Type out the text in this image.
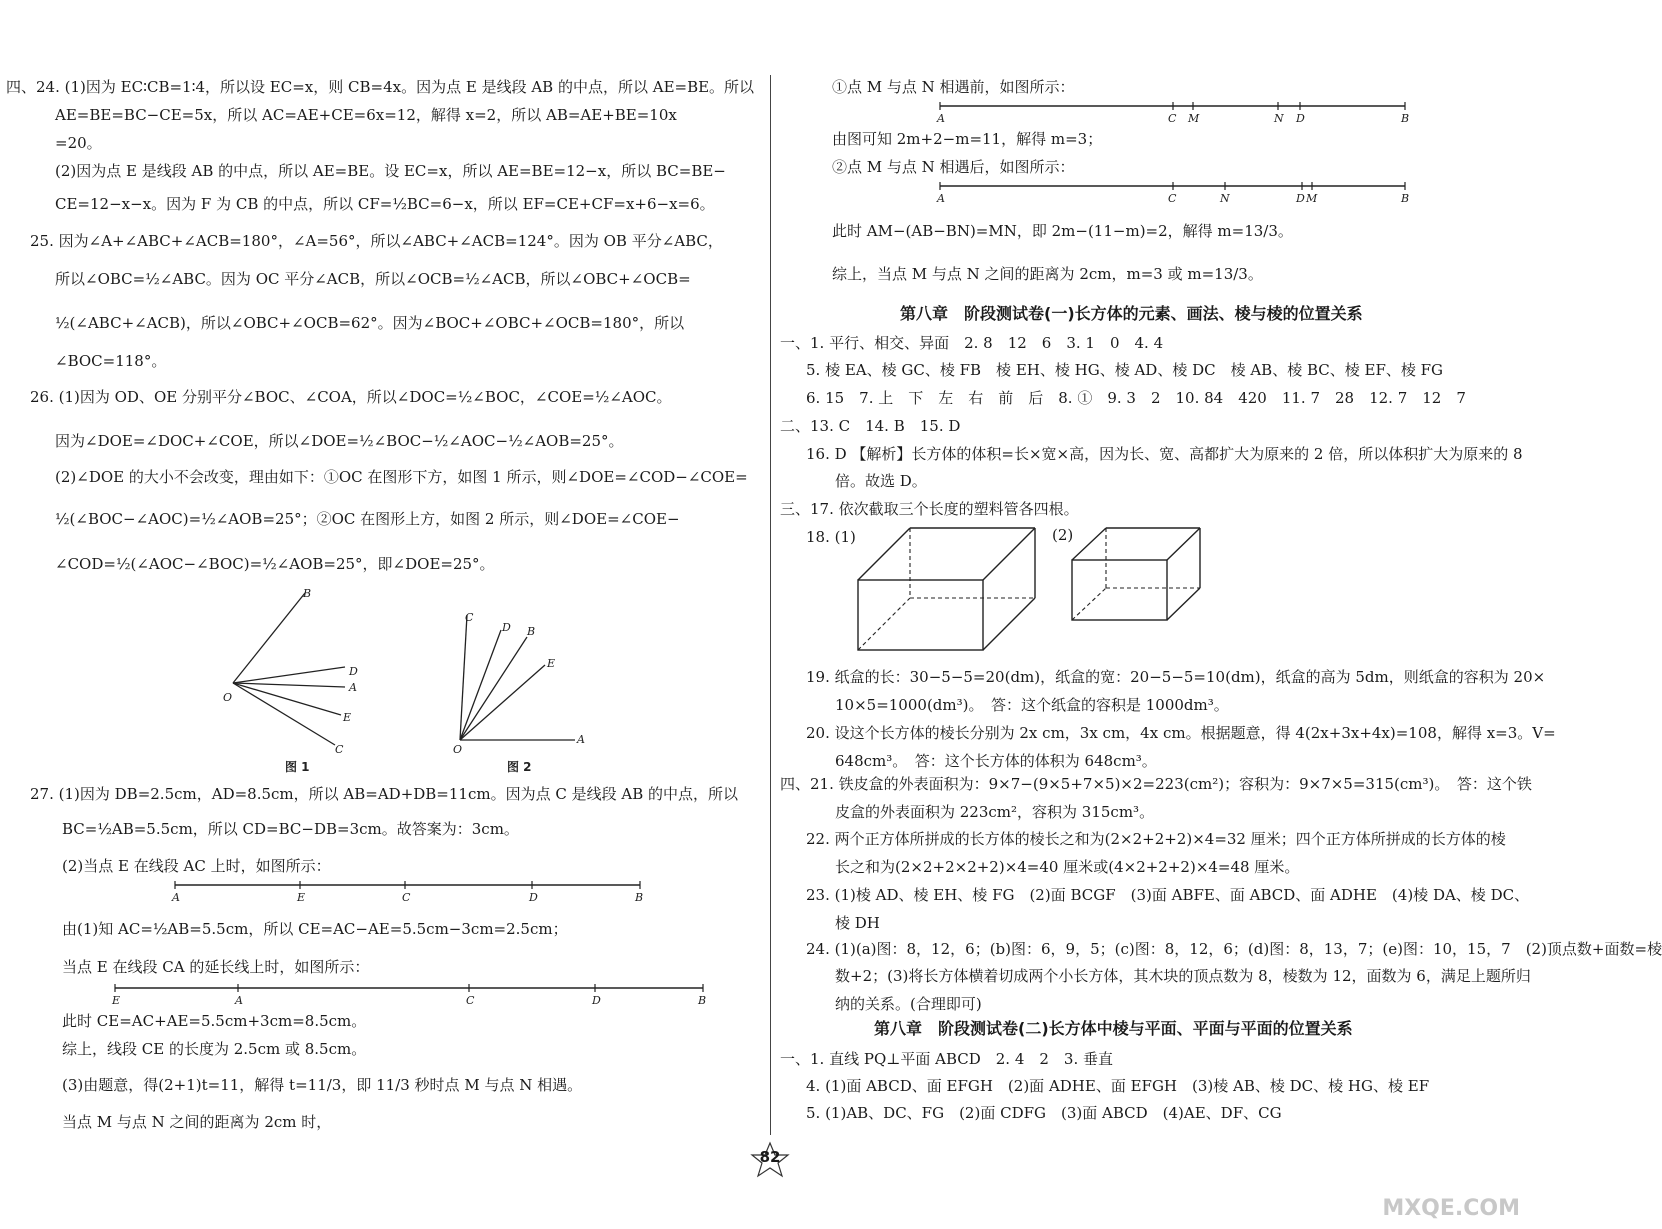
四、24. (1)因为 EC∶CB=1∶4，所以设 EC=x，则 CB=4x。因为点 E 是线段 AB 的中点，所以 AE=BE。所以
AE=BE=BC−CE=5x，所以 AC=AE+CE=6x=12，解得 x=2，所以 AB=AE+BE=10x
=20。
(2)因为点 E 是线段 AB 的中点，所以 AE=BE。设 EC=x，所以 AE=BE=12−x，所以 BC=BE−
CE=12−x−x。因为 F 为 CB 的中点，所以 CF=½BC=6−x，所以 EF=CE+CF=x+6−x=6。
25. 因为∠A+∠ABC+∠ACB=180°，∠A=56°，所以∠ABC+∠ACB=124°。因为 OB 平分∠ABC，
所以∠OBC=½∠ABC。因为 OC 平分∠ACB，所以∠OCB=½∠ACB，所以∠OBC+∠OCB=
½(∠ABC+∠ACB)，所以∠OBC+∠OCB=62°。因为∠BOC+∠OBC+∠OCB=180°，所以
∠BOC=118°。
26. (1)因为 OD、OE 分别平分∠BOC、∠COA，所以∠DOC=½∠BOC，∠COE=½∠AOC。
因为∠DOE=∠DOC+∠COE，所以∠DOE=½∠BOC−½∠AOC−½∠AOB=25°。
(2)∠DOE 的大小不会改变，理由如下：①OC 在图形下方，如图 1 所示，则∠DOE=∠COD−∠COE=
½(∠BOC−∠AOC)=½∠AOB=25°；②OC 在图形上方，如图 2 所示，则∠DOE=∠COE−
∠COD=½(∠AOC−∠BOC)=½∠AOB=25°，即∠DOE=25°。
B
D
A
O
E
C
C
D B
E
O
A
图 1	图 2
27. (1)因为 DB=2.5cm，AD=8.5cm，所以 AB=AD+DB=11cm。因为点 C 是线段 AB 的中点，所以
BC=½AB=5.5cm，所以 CD=BC−DB=3cm。故答案为：3cm。
(2)当点 E 在线段 AC 上时，如图所示：
A	E	C	D	B
由(1)知 AC=½AB=5.5cm，所以 CE=AC−AE=5.5cm−3cm=2.5cm；
当点 E 在线段 CA 的延长线上时，如图所示：
E	A	C	D	B
此时 CE=AC+AE=5.5cm+3cm=8.5cm。
综上，线段 CE 的长度为 2.5cm 或 8.5cm。
(3)由题意，得(2+1)t=11，解得 t=11/3，即 11/3 秒时点 M 与点 N 相遇。
当点 M 与点 N 之间的距离为 2cm 时，
①点 M 与点 N 相遇前，如图所示：
A	C M	N D	B
由图可知 2m+2−m=11，解得 m=3；
②点 M 与点 N 相遇后，如图所示：
A	C	N	D M	B
此时 AM−(AB−BN)=MN，即 2m−(11−m)=2，解得 m=13/3。
综上，当点 M 与点 N 之间的距离为 2cm，m=3 或 m=13/3。
第八章　阶段测试卷(一)长方体的元素、画法、棱与棱的位置关系
一、1. 平行、相交、异面　2. 8　12　6　3. 1　0　4. 4
5. 棱 EA、棱 GC、棱 FB　棱 EH、棱 HG、棱 AD、棱 DC　棱 AB、棱 BC、棱 EF、棱 FG
6. 15　7. 上　下　左　右　前　后　8. ①　9. 3　2　10. 84　420　11. 7　28　12. 7　12　7
二、13. C　14. B　15. D
16. D 【解析】长方体的体积=长×宽×高，因为长、宽、高都扩大为原来的 2 倍，所以体积扩大为原来的 8
倍。故选 D。
三、17. 依次截取三个长度的塑料管各四根。
18. (1)	(2)
19. 纸盒的长：30−5−5=20(dm)，纸盒的宽：20−5−5=10(dm)，纸盒的高为 5dm，则纸盒的容积为 20×
10×5=1000(dm³)。　答：这个纸盒的容积是 1000dm³。
20. 设这个长方体的棱长分别为 2x cm，3x cm，4x cm。根据题意，得 4(2x+3x+4x)=108，解得 x=3。V=
648cm³。　答：这个长方体的体积为 648cm³。
四、21. 铁皮盒的外表面积为：9×7−(9×5+7×5)×2=223(cm²)；容积为：9×7×5=315(cm³)。　答：这个铁
皮盒的外表面积为 223cm²，容积为 315cm³。
22. 两个正方体所拼成的长方体的棱长之和为(2×2+2+2)×4=32 厘米；四个正方体所拼成的长方体的棱
长之和为(2×2+2×2+2)×4=40 厘米或(4×2+2+2)×4=48 厘米。
23. (1)棱 AD、棱 EH、棱 FG　(2)面 BCGF　(3)面 ABFE、面 ABCD、面 ADHE　(4)棱 DA、棱 DC、
棱 DH
24. (1)(a)图：8，12，6；(b)图：6，9，5；(c)图：8，12，6；(d)图：8，13，7；(e)图：10，15，7　(2)顶点数+面数=棱
数+2；(3)将长方体横着切成两个小长方体，其木块的顶点数为 8，棱数为 12，面数为 6，满足上题所归
纳的关系。(合理即可)
第八章　阶段测试卷(二)长方体中棱与平面、平面与平面的位置关系
一、1. 直线 PQ⊥平面 ABCD　2. 4　2　3. 垂直
4. (1)面 ABCD、面 EFGH　(2)面 ADHE、面 EFGH　(3)棱 AB、棱 DC、棱 HG、棱 EF
5. (1)AB、DC、FG　(2)面 CDFG　(3)面 ABCD　(4)AE、DF、CG
82
MXQE.COM
